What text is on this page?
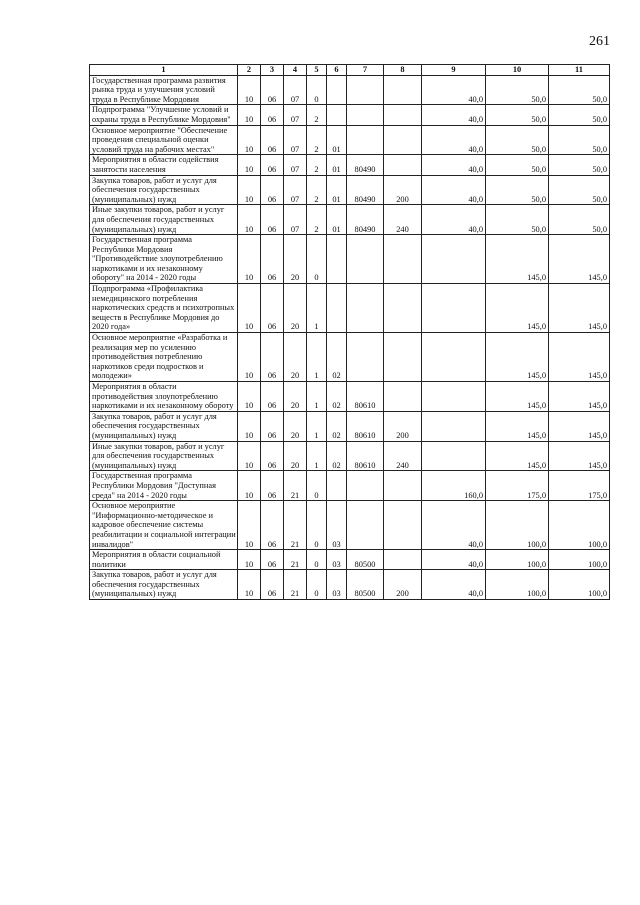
261
1	2	3	4	5	6	7	8	9	10	11
Государственная программа развития рынка труда и улучшения условий труда в Республике Мордовия	10	06	07	0				40,0	50,0	50,0
Подпрограмма "Улучшение условий и охраны труда в Республике Мордовия"	10	06	07	2				40,0	50,0	50,0
Основное мероприятие "Обеспечение проведения специальной оценки условий труда на рабочих местах"	10	06	07	2	01			40,0	50,0	50,0
Мероприятия в области содействия занятости населения	10	06	07	2	01	80490		40,0	50,0	50,0
Закупка товаров, работ и услуг для обеспечения государственных (муниципальных) нужд	10	06	07	2	01	80490	200	40,0	50,0	50,0
Иные закупки товаров, работ и услуг для обеспечения государственных (муниципальных) нужд	10	06	07	2	01	80490	240	40,0	50,0	50,0
Государственная программа Республики Мордовия "Противодействие злоупотреблению наркотиками и их незаконному обороту" на 2014 - 2020 годы	10	06	20	0					145,0	145,0
Подпрограмма «Профилактика немедицинского потребления наркотических средств и психотропных веществ в Республике Мордовия до 2020 года»	10	06	20	1					145,0	145,0
Основное мероприятие «Разработка и реализация мер по усилению противодействия потреблению наркотиков среди подростков и молодежи»	10	06	20	1	02				145,0	145,0
Мероприятия в области противодействия злоупотреблению наркотиками и их незаконному обороту	10	06	20	1	02	80610			145,0	145,0
Закупка товаров, работ и услуг для обеспечения государственных (муниципальных) нужд	10	06	20	1	02	80610	200		145,0	145,0
Иные закупки товаров, работ и услуг для обеспечения государственных (муниципальных) нужд	10	06	20	1	02	80610	240		145,0	145,0
Государственная программа Республики Мордовия "Доступная среда" на 2014 - 2020 годы	10	06	21	0				160,0	175,0	175,0
Основное мероприятие "Информационно-методическое и кадровое обеспечение системы реабилитации и социальной интеграции инвалидов"	10	06	21	0	03			40,0	100,0	100,0
Мероприятия в области социальной политики	10	06	21	0	03	80500		40,0	100,0	100,0
Закупка товаров, работ и услуг для обеспечения государственных (муниципальных) нужд	10	06	21	0	03	80500	200	40,0	100,0	100,0
